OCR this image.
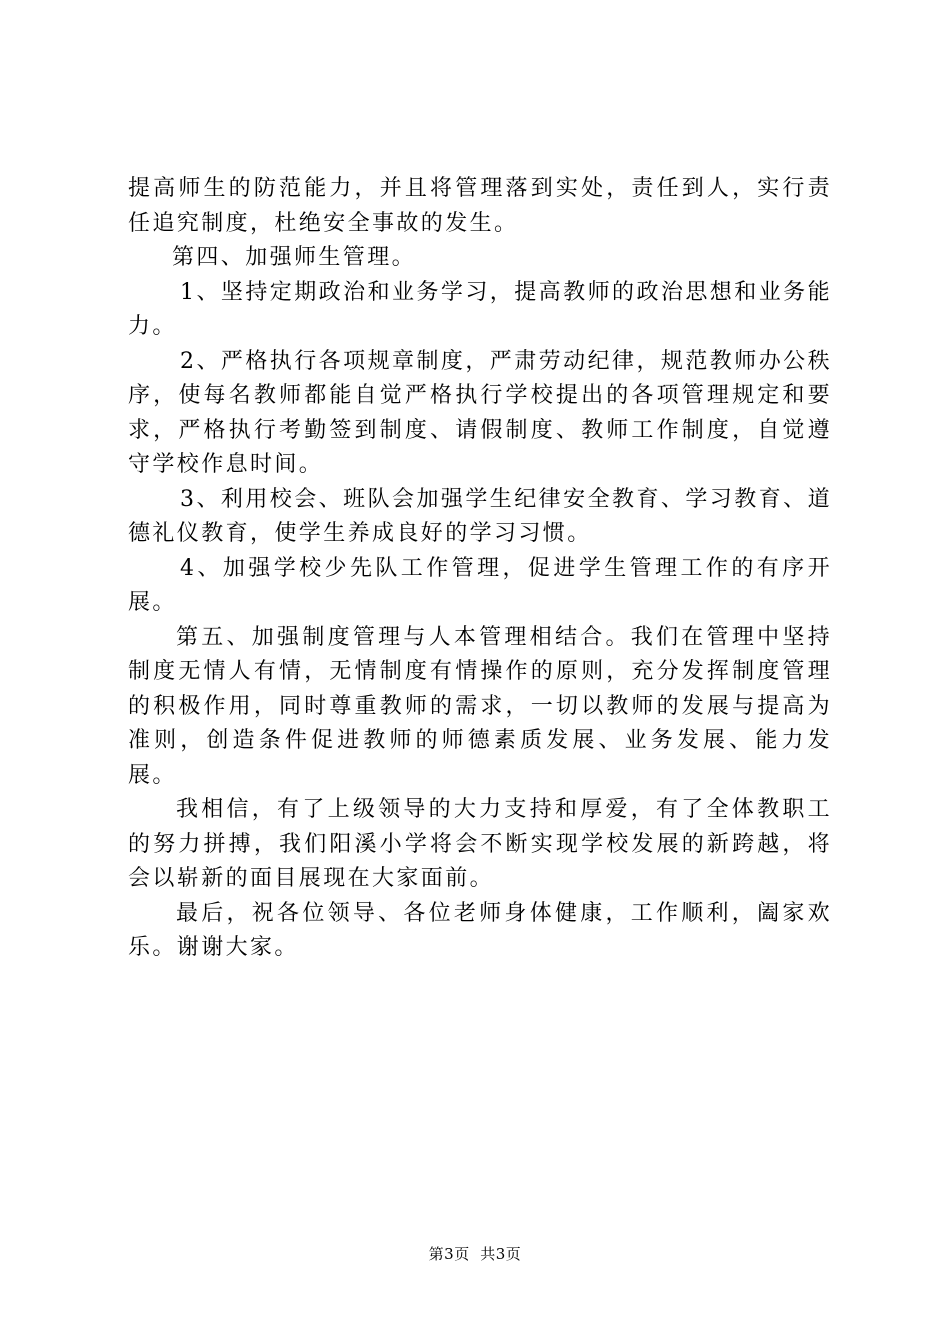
提高师生的防范能力，并且将管理落到实处，责任到人，实行责任追究制度，杜绝安全事故的发生。

第四、加强师生管理。

1、坚持定期政治和业务学习，提高教师的政治思想和业务能力。

2、严格执行各项规章制度，严肃劳动纪律，规范教师办公秩序，使每名教师都能自觉严格执行学校提出的各项管理规定和要求，严格执行考勤签到制度、请假制度、教师工作制度，自觉遵守学校作息时间。

3、利用校会、班队会加强学生纪律安全教育、学习教育、道德礼仪教育，使学生养成良好的学习习惯。

4、加强学校少先队工作管理，促进学生管理工作的有序开展。

第五、加强制度管理与人本管理相结合。我们在管理中坚持制度无情人有情，无情制度有情操作的原则，充分发挥制度管理的积极作用，同时尊重教师的需求，一切以教师的发展与提高为准则，创造条件促进教师的师德素质发展、业务发展、能力发展。

我相信，有了上级领导的大力支持和厚爱，有了全体教职工的努力拼搏，我们阳溪小学将会不断实现学校发展的新跨越，将会以崭新的面目展现在大家面前。

最后，祝各位领导、各位老师身体健康，工作顺利，阖家欢乐。谢谢大家。

第3页 共3页
